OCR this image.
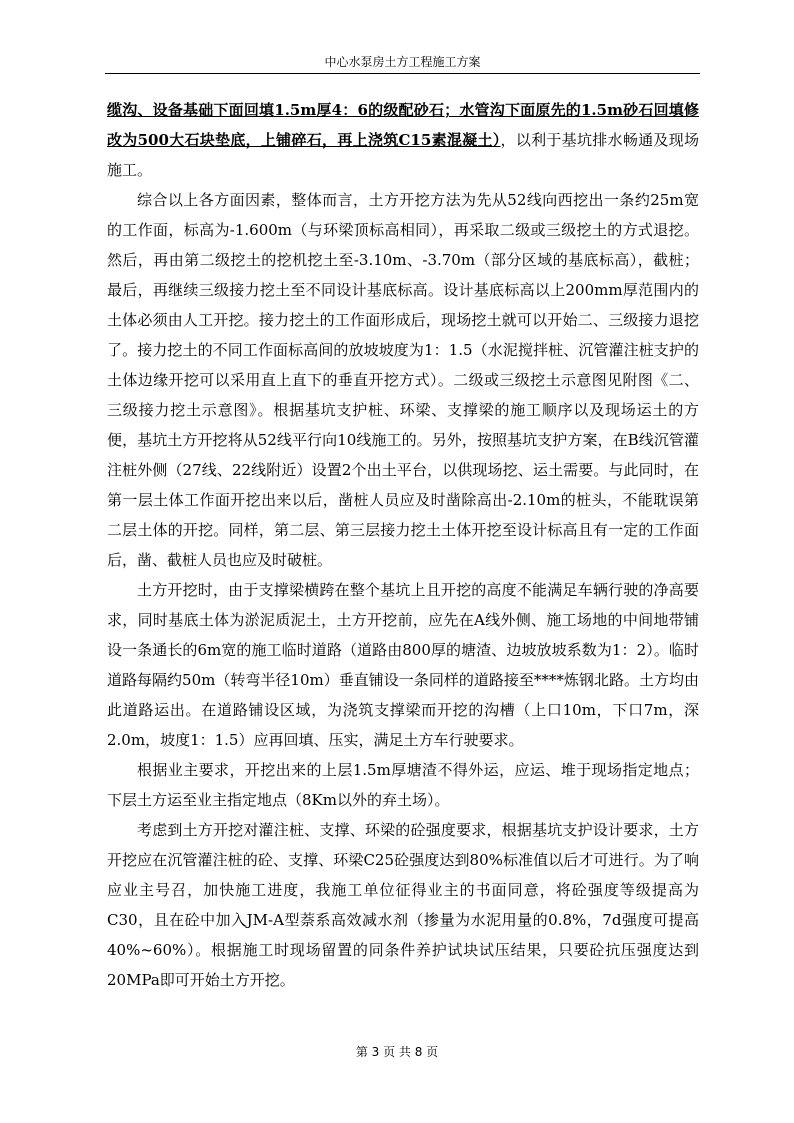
中心水泵房土方工程施工方案

缆沟、设备基础下面回填1.5m厚4：6的级配砂石；水管沟下面原先的1.5m砂石回填修改为500大石块垫底，上铺碎石，再上浇筑C15素混凝土），以利于基坑排水畅通及现场施工。

综合以上各方面因素，整体而言，土方开挖方法为先从52线向西挖出一条约25m宽的工作面，标高为-1.600m（与环梁顶标高相同），再采取二级或三级挖土的方式退挖。然后，再由第二级挖土的挖机挖土至-3.10m、-3.70m（部分区域的基底标高），截桩；最后，再继续三级接力挖土至不同设计基底标高。设计基底标高以上200mm厚范围内的土体必须由人工开挖。接力挖土的工作面形成后，现场挖土就可以开始二、三级接力退挖了。接力挖土的不同工作面标高间的放坡坡度为1：1.5（水泥搅拌桩、沉管灌注桩支护的土体边缘开挖可以采用直上直下的垂直开挖方式）。二级或三级挖土示意图见附图《二、三级接力挖土示意图》。根据基坑支护桩、环梁、支撑梁的施工顺序以及现场运土的方便，基坑土方开挖将从52线平行向10线施工的。另外，按照基坑支护方案，在B线沉管灌注桩外侧（27线、22线附近）设置2个出土平台，以供现场挖、运土需要。与此同时，在第一层土体工作面开挖出来以后，凿桩人员应及时凿除高出-2.10m的桩头，不能耽误第二层土体的开挖。同样，第二层、第三层接力挖土土体开挖至设计标高且有一定的工作面后，凿、截桩人员也应及时破桩。

土方开挖时，由于支撑梁横跨在整个基坑上且开挖的高度不能满足车辆行驶的净高要求，同时基底土体为淤泥质泥土，土方开挖前，应先在A线外侧、施工场地的中间地带铺设一条通长的6m宽的施工临时道路（道路由800厚的塘渣、边坡放坡系数为1：2）。临时道路每隔约50m（转弯半径10m）垂直铺设一条同样的道路接至****炼钢北路。土方均由此道路运出。在道路铺设区域，为浇筑支撑梁而开挖的沟槽（上口10m，下口7m，深2.0m，坡度1：1.5）应再回填、压实，满足土方车行驶要求。

根据业主要求，开挖出来的上层1.5m厚塘渣不得外运，应运、堆于现场指定地点；下层土方运至业主指定地点（8Km以外的弃土场）。

考虑到土方开挖对灌注桩、支撑、环梁的砼强度要求，根据基坑支护设计要求，土方开挖应在沉管灌注桩的砼、支撑、环梁C25砼强度达到80%标准值以后才可进行。为了响应业主号召，加快施工进度，我施工单位征得业主的书面同意，将砼强度等级提高为C30，且在砼中加入JM-A型萘系高效减水剂（掺量为水泥用量的0.8%，7d强度可提高40%~60%）。根据施工时现场留置的同条件养护试块试压结果，只要砼抗压强度达到20MPa即可开始土方开挖。

第 3 页 共 8 页
